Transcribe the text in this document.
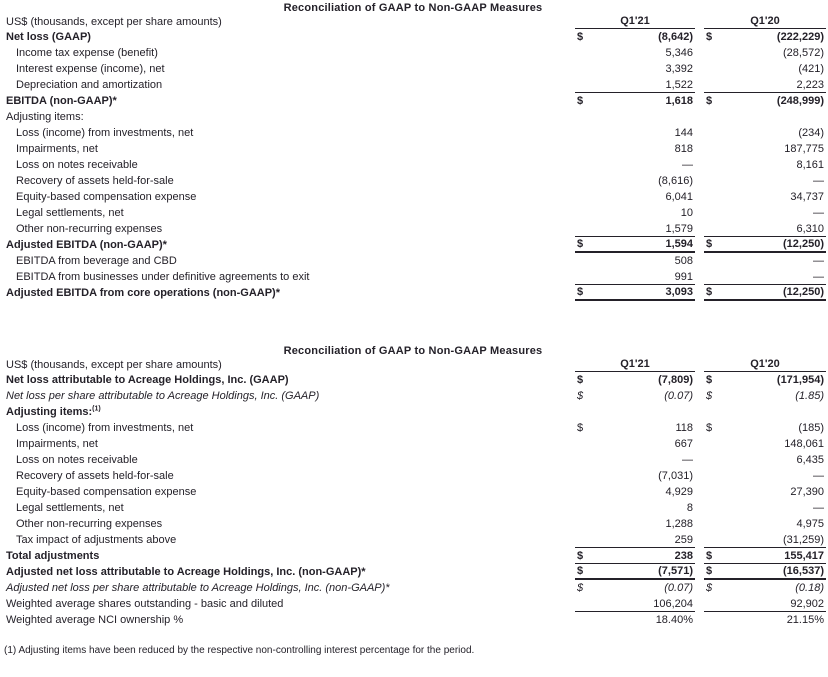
Reconciliation of GAAP to Non-GAAP Measures
US$ (thousands, except per share amounts)	Q1'21	Q1'20
Net loss (GAAP)	$	(8,642) $	(222,229)
Income tax expense (benefit)	5,346	(28,572)
Interest expense (income), net	3,392	(421)
Depreciation and amortization	1,522	2,223
EBITDA (non-GAAP)*	$	1,618 $	(248,999)
Adjusting items:
Loss (income) from investments, net	144	(234)
Impairments, net	818	187,775
Loss on notes receivable	—	8,161
Recovery of assets held-for-sale	(8,616)	—
Equity-based compensation expense	6,041	34,737
Legal settlements, net	10	—
Other non-recurring expenses	1,579	6,310
Adjusted EBITDA (non-GAAP)*	$	1,594 $	(12,250)
EBITDA from beverage and CBD	508	—
EBITDA from businesses under definitive agreements to exit	991	—
Adjusted EBITDA from core operations (non-GAAP)*	$	3,093 $	(12,250)
Reconciliation of GAAP to Non-GAAP Measures
US$ (thousands, except per share amounts)	Q1'21	Q1'20
Net loss attributable to Acreage Holdings, Inc. (GAAP)	$	(7,809) $	(171,954)
Net loss per share attributable to Acreage Holdings, Inc. (GAAP)	$	(0.07) $	(1.85)
Adjusting items:$^{(1)}$
Loss (income) from investments, net	$	118 $	(185)
Impairments, net	667	148,061
Loss on notes receivable	—	6,435
Recovery of assets held-for-sale	(7,031)	—
Equity-based compensation expense	4,929	27,390
Legal settlements, net	8	—
Other non-recurring expenses	1,288	4,975
Tax impact of adjustments above	259	(31,259)
Total adjustments	$	238 $	155,417
Adjusted net loss attributable to Acreage Holdings, Inc. (non-GAAP)*	$	(7,571) $	(16,537)
Adjusted net loss per share attributable to Acreage Holdings, Inc. (non-GAAP)*	$	(0.07) $	(0.18)
Weighted average shares outstanding - basic and diluted	106,204	92,902
Weighted average NCI ownership %	18.40%	21.15%
(1) Adjusting items have been reduced by the respective non-controlling interest percentage for the period.
